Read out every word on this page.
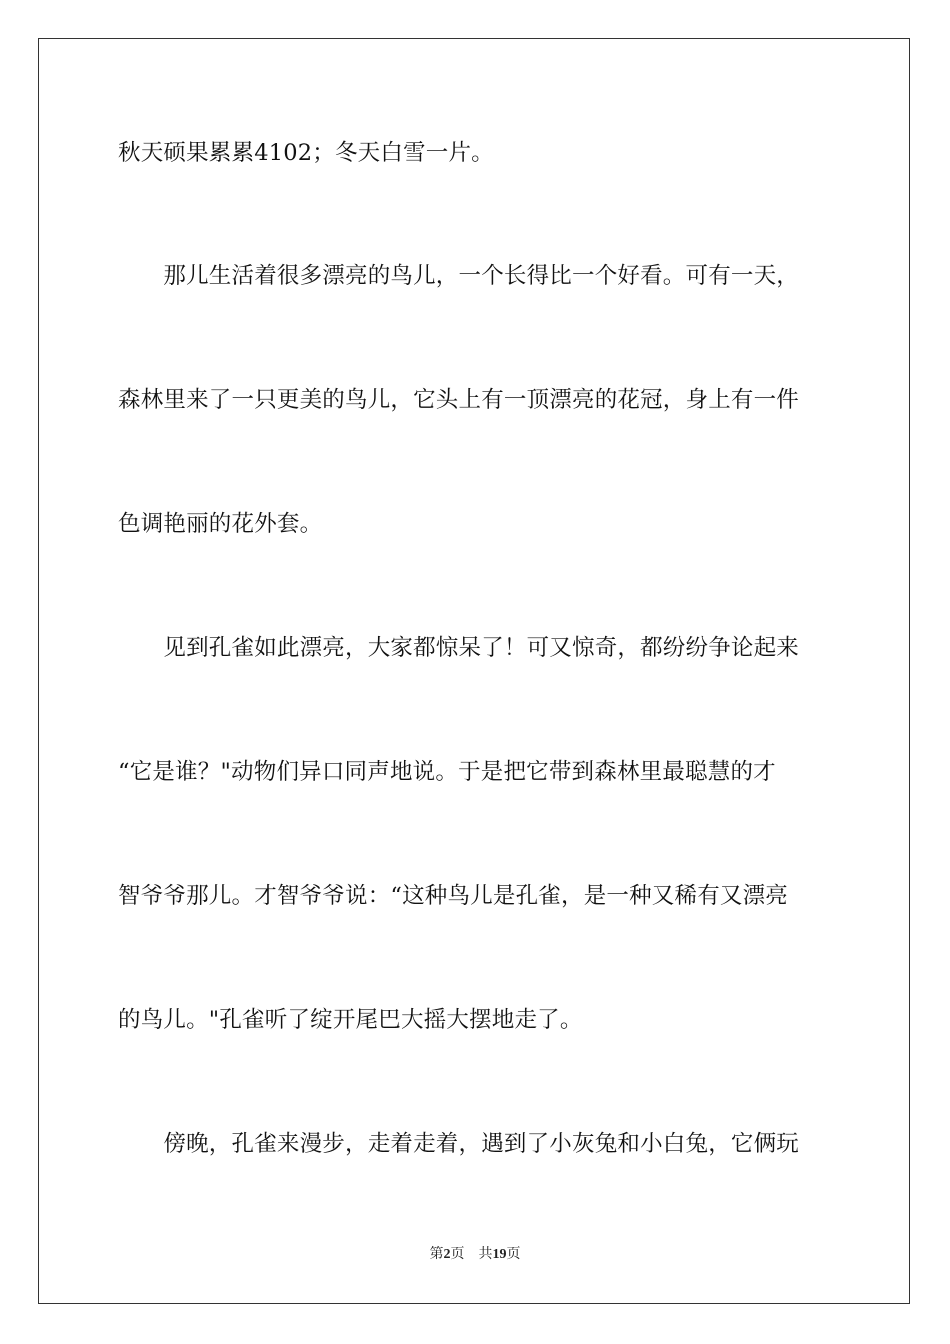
秋天硕果累累4102；冬天白雪一片。
　　那儿生活着很多漂亮的鸟儿，一个长得比一个好看。可有一天，
森林里来了一只更美的鸟儿，它头上有一顶漂亮的花冠，身上有一件
色调艳丽的花外套。
　　见到孔雀如此漂亮，大家都惊呆了！可又惊奇，都纷纷争论起来
“它是谁？"动物们异口同声地说。于是把它带到森林里最聪慧的才
智爷爷那儿。才智爷爷说：“这种鸟儿是孔雀，是一种又稀有又漂亮
的鸟儿。"孔雀听了绽开尾巴大摇大摆地走了。
　　傍晚，孔雀来漫步，走着走着，遇到了小灰兔和小白兔，它俩玩
第2页 共19页
